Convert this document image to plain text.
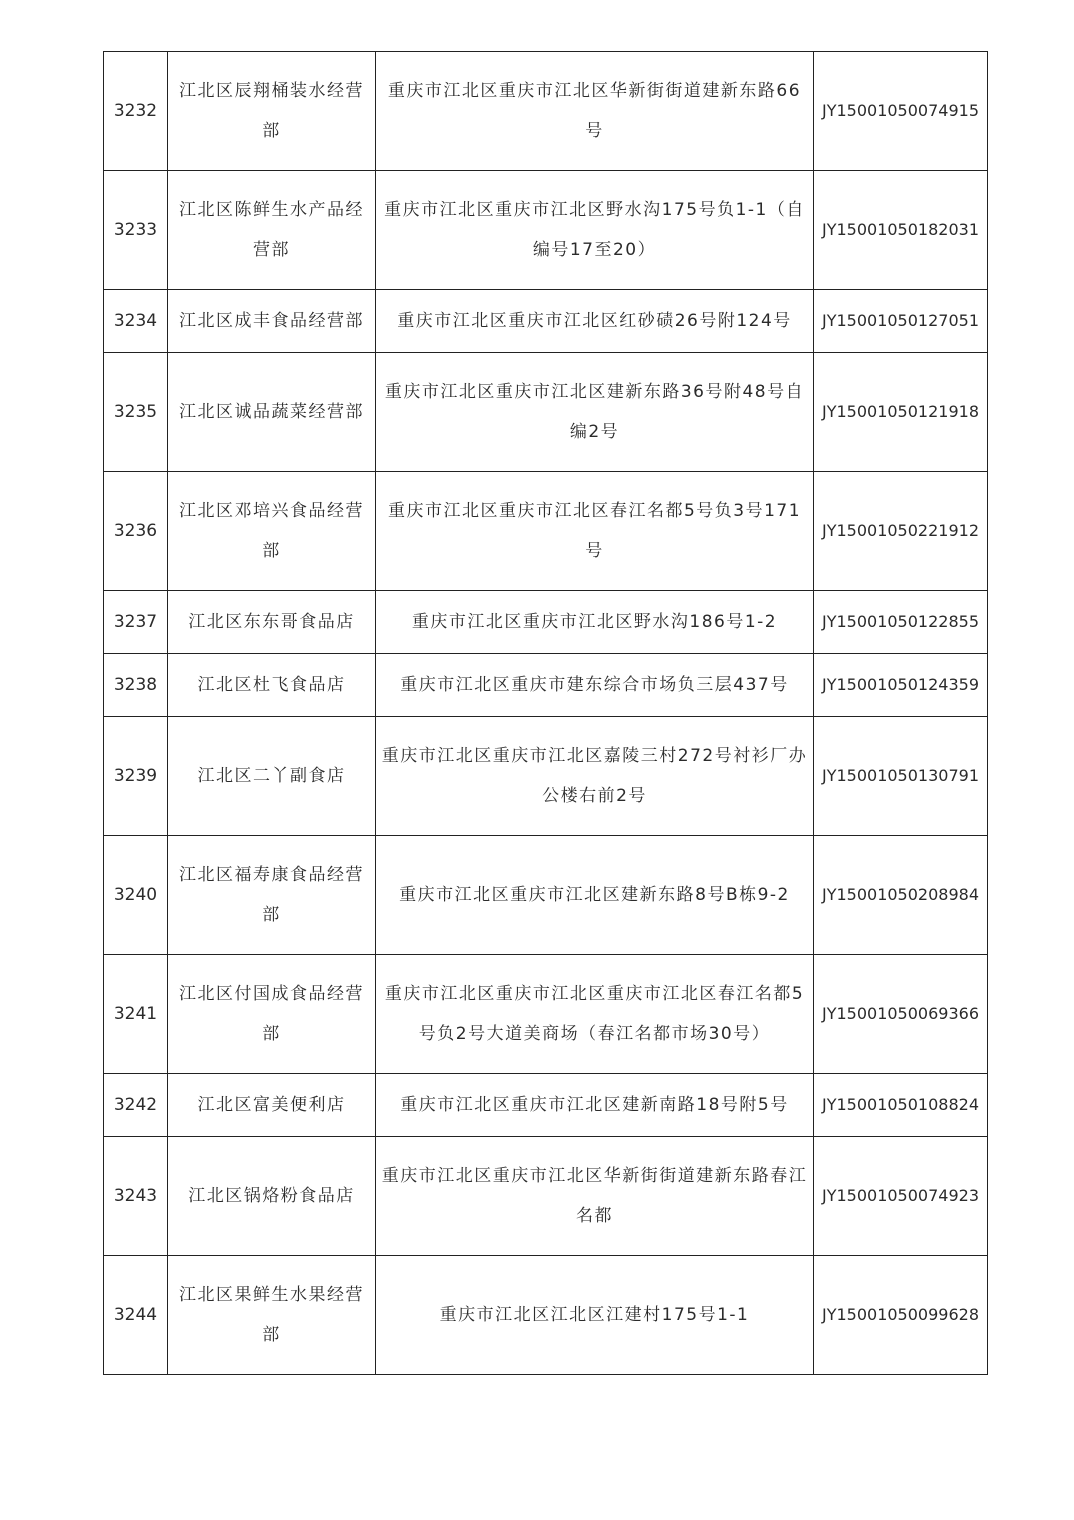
3232	江北区辰翔桶装水经营部	重庆市江北区重庆市江北区华新街街道建新东路66号	JY15001050074915
3233	江北区陈鲜生水产品经营部	重庆市江北区重庆市江北区野水沟175号负1-1（自编号17至20）	JY15001050182031
3234	江北区成丰食品经营部	重庆市江北区重庆市江北区红砂碛26号附124号	JY15001050127051
3235	江北区诚品蔬菜经营部	重庆市江北区重庆市江北区建新东路36号附48号自编2号	JY15001050121918
3236	江北区邓培兴食品经营部	重庆市江北区重庆市江北区春江名都5号负3号171号	JY15001050221912
3237	江北区东东哥食品店	重庆市江北区重庆市江北区野水沟186号1-2	JY15001050122855
3238	江北区杜飞食品店	重庆市江北区重庆市建东综合市场负三层437号	JY15001050124359
3239	江北区二丫副食店	重庆市江北区重庆市江北区嘉陵三村272号衬衫厂办公楼右前2号	JY15001050130791
3240	江北区福寿康食品经营部	重庆市江北区重庆市江北区建新东路8号B栋9-2	JY15001050208984
3241	江北区付国成食品经营部	重庆市江北区重庆市江北区重庆市江北区春江名都5号负2号大道美商场（春江名都市场30号）	JY15001050069366
3242	江北区富美便利店	重庆市江北区重庆市江北区建新南路18号附5号	JY15001050108824
3243	江北区锅烙粉食品店	重庆市江北区重庆市江北区华新街街道建新东路春江名都	JY15001050074923
3244	江北区果鲜生水果经营部	重庆市江北区江北区江建村175号1-1	JY15001050099628
